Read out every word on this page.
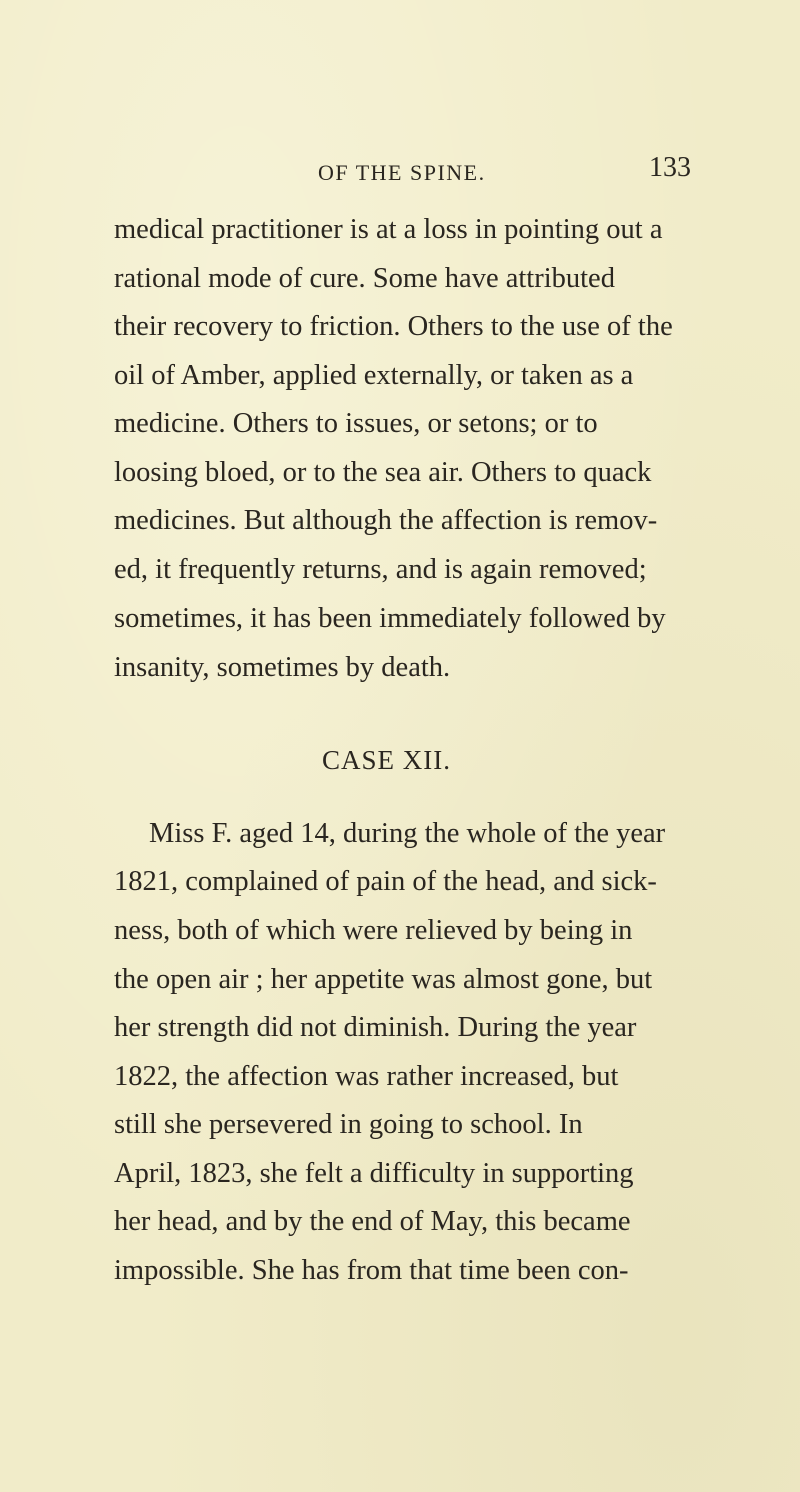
OF THE SPINE.	133
medical practitioner is at a loss in pointing out a
rational mode of cure. Some have attributed
their recovery to friction. Others to the use of the
oil of Amber, applied externally, or taken as a
medicine. Others to issues, or setons; or to
loosing bloed, or to the sea air. Others to quack
medicines. But although the affection is remov-
ed, it frequently returns, and is again removed;
sometimes, it has been immediately followed by
insanity, sometimes by death.
CASE XII.
Miss F. aged 14, during the whole of the year
1821, complained of pain of the head, and sick-
ness, both of which were relieved by being in
the open air ; her appetite was almost gone, but
her strength did not diminish. During the year
1822, the affection was rather increased, but
still she persevered in going to school. In
April, 1823, she felt a difficulty in supporting
her head, and by the end of May, this became
impossible. She has from that time been con-
